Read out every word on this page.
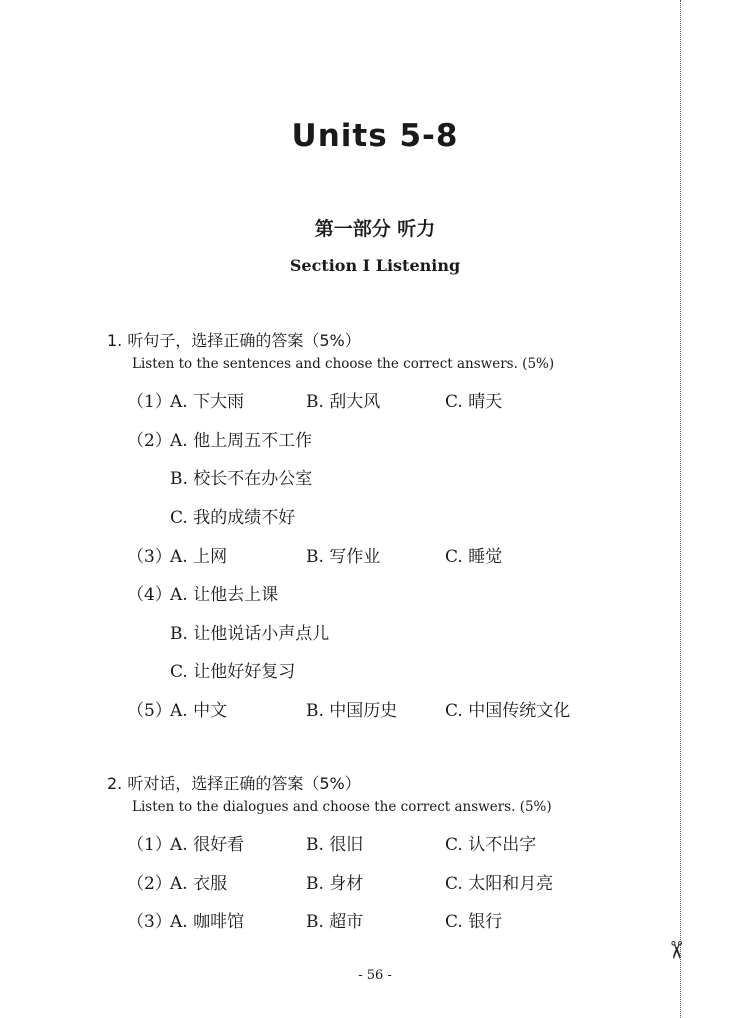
✂
Units 5-8
第一部分 听力
Section I Listening
1. 听句子，选择正确的答案（5%）
Listen to the sentences and choose the correct answers. (5%)
（1）
A. 下大雨	B. 刮大风	C. 晴天
（2）
A. 他上周五不工作
B. 校长不在办公室
C. 我的成绩不好
（3）
A. 上网	B. 写作业	C. 睡觉
（4）
A. 让他去上课
B. 让他说话小声点儿
C. 让他好好复习
（5）
A. 中文	B. 中国历史	C. 中国传统文化
2. 听对话，选择正确的答案（5%）
Listen to the dialogues and choose the correct answers. (5%)
（1）
A. 很好看	B. 很旧	C. 认不出字
（2）
A. 衣服	B. 身材	C. 太阳和月亮
（3）
A. 咖啡馆	B. 超市	C. 银行
- 56 -
